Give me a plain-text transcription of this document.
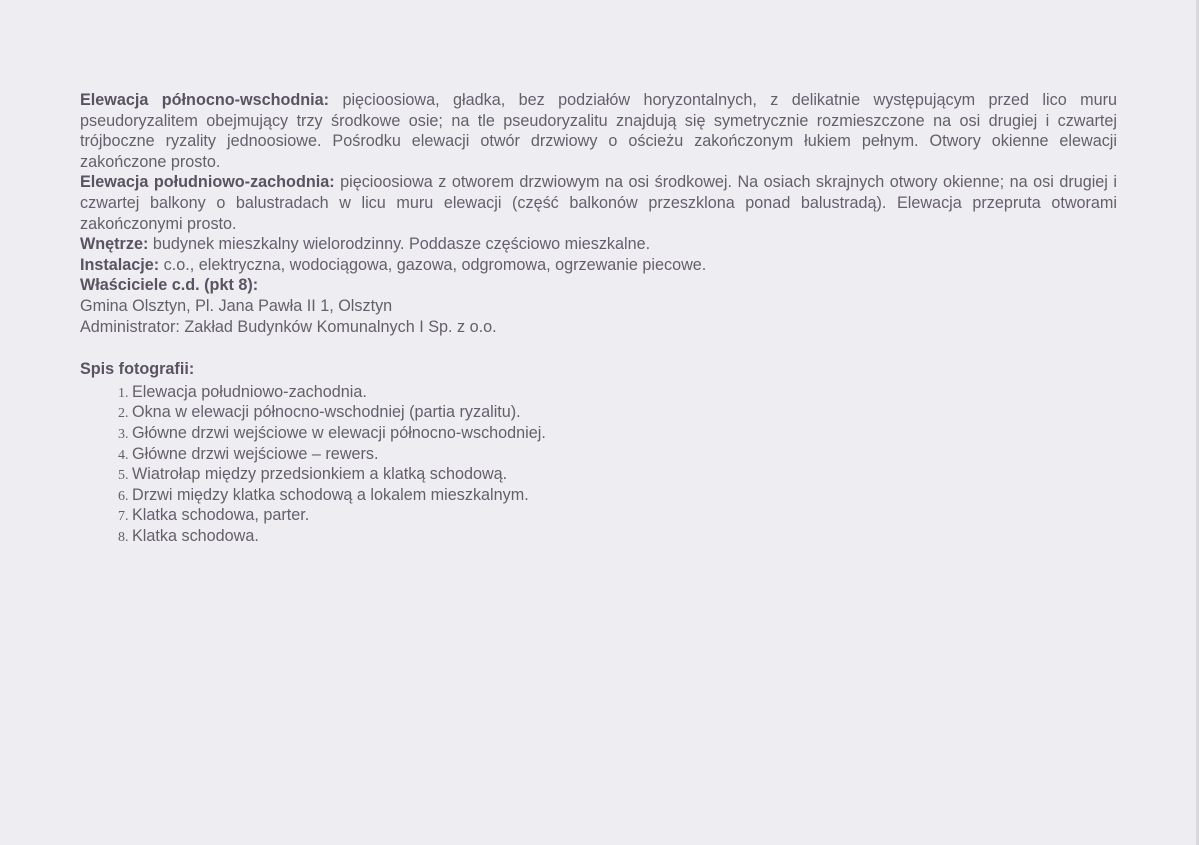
Elewacja północno-wschodnia: pięcioosiowa, gładka, bez podziałów horyzontalnych, z delikatnie występującym przed lico muru pseudoryzalitem obejmujący trzy środkowe osie; na tle pseudoryzalitu znajdują się symetrycznie rozmieszczone na osi drugiej i czwartej trójboczne ryzality jednoosiowe. Pośrodku elewacji otwór drzwiowy o ościeżu zakończonym łukiem pełnym. Otwory okienne elewacji zakończone prosto.

Elewacja południowo-zachodnia: pięcioosiowa z otworem drzwiowym na osi środkowej. Na osiach skrajnych otwory okienne; na osi drugiej i czwartej balkony o balustradach w licu muru elewacji (część balkonów przeszklona ponad balustradą). Elewacja przepruta otworami zakończonymi prosto.

Wnętrze: budynek mieszkalny wielorodzinny. Poddasze częściowo mieszkalne.

Instalacje: c.o., elektryczna, wodociągowa, gazowa, odgromowa, ogrzewanie piecowe.

Właściciele c.d. (pkt 8):

Gmina Olsztyn, Pl. Jana Pawła II 1, Olsztyn

Administrator: Zakład Budynków Komunalnych I Sp. z o.o.

Spis fotografii:

1. Elewacja południowo-zachodnia.
2. Okna w elewacji północno-wschodniej (partia ryzalitu).
3. Główne drzwi wejściowe w elewacji północno-wschodniej.
4. Główne drzwi wejściowe – rewers.
5. Wiatrołap między przedsionkiem a klatką schodową.
6. Drzwi między klatka schodową a lokalem mieszkalnym.
7. Klatka schodowa, parter.
8. Klatka schodowa.
